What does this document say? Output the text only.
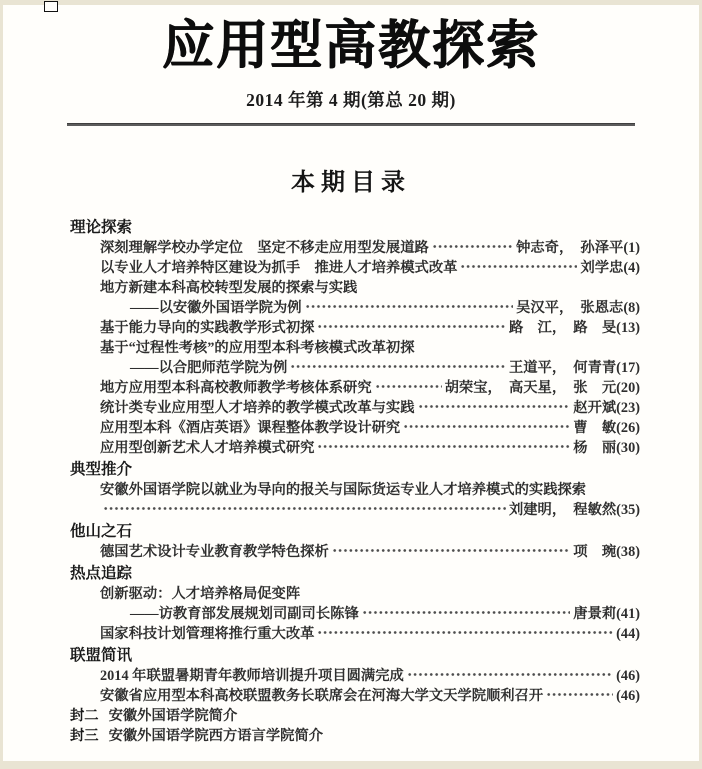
应用型高教探索
2014 年第 4 期(第总 20 期)
本期目录
理论探索
深刻理解学校办学定位　坚定不移走应用型发展道路	钟志奇，　孙泽平(1)
以专业人才培养特区建设为抓手　推进人才培养模式改革	刘学忠(4)
地方新建本科高校转型发展的探索与实践
——以安徽外国语学院为例	吴汉平，　张恩志(8)
基于能力导向的实践教学形式初探	路　江，　路　旻(13)
基于“过程性考核”的应用型本科考核模式改革初探
——以合肥师范学院为例	王道平，　何青青(17)
地方应用型本科高校教师教学考核体系研究	胡荣宝，　高天星，　张　元(20)
统计类专业应用型人才培养的教学模式改革与实践	赵开斌(23)
应用型本科《酒店英语》课程整体教学设计研究	曹　敏(26)
应用型创新艺术人才培养模式研究	杨　丽(30)
典型推介
安徽外国语学院以就业为导向的报关与国际货运专业人才培养模式的实践探索
刘建明，　程敏然(35)
他山之石
德国艺术设计专业教育教学特色探析	项　琬(38)
热点追踪
创新驱动：人才培养格局促变阵
——访教育部发展规划司副司长陈锋	唐景莉(41)
国家科技计划管理将推行重大改革	(44)
联盟简讯
2014 年联盟暑期青年教师培训提升项目圆满完成	(46)
安徽省应用型本科高校联盟教务长联席会在河海大学文天学院顺利召开	(46)
封二 安徽外国语学院简介
封三 安徽外国语学院西方语言学院简介
